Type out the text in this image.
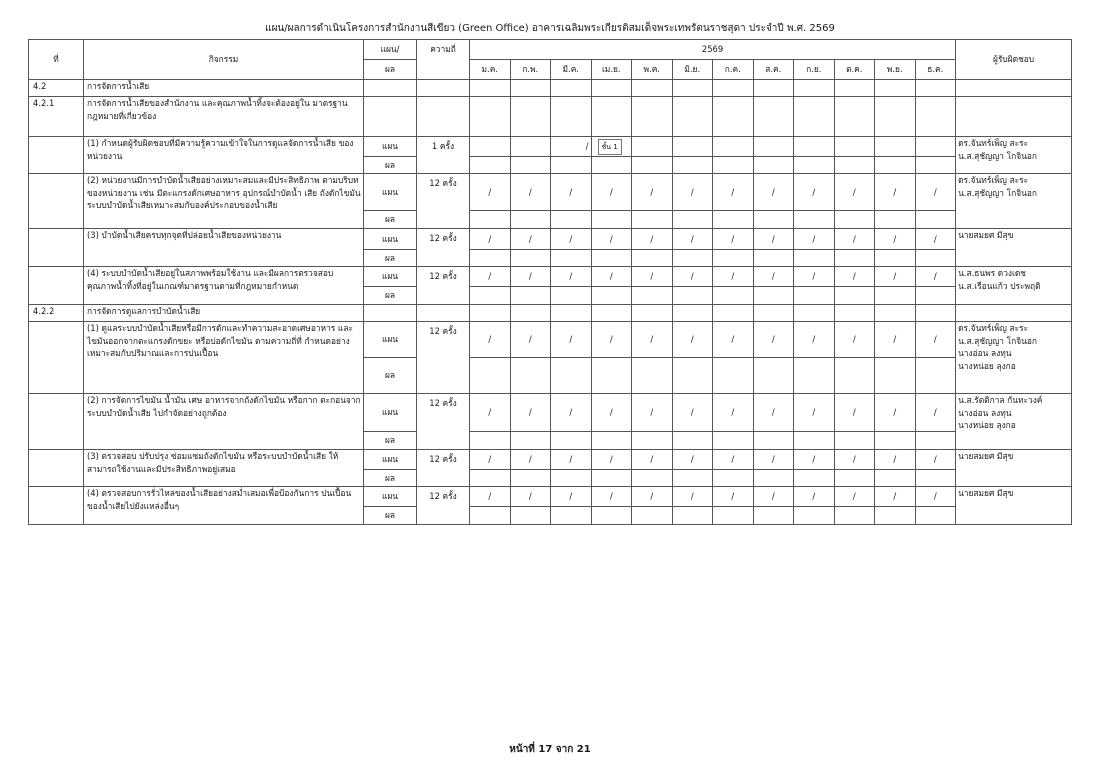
แผน/ผลการดำเนินโครงการสำนักงานสีเขียว (Green Office) อาคารเฉลิมพระเกียรติสมเด็จพระเทพรัตนราชสุดา ประจำปี พ.ศ. 2569
ที่	กิจกรรม	แผน/	ความถี่	2569												ผู้รับผิดชอบ
		ผล		ม.ค.	ก.พ.	มี.ค.	เม.ย.	พ.ค.	มิ.ย.	ก.ค.	ส.ค.	ก.ย.	ต.ค.	พ.ย.	ธ.ค.	
4.2	การจัดการน้ำเสีย															
4.2.1	การจัดการน้ำเสียของสำนักงาน และคุณภาพน้ำทิ้งจะต้องอยู่ใน มาตรฐานกฎหมายที่เกี่ยวข้อง															
	(1) กำหนดผู้รับผิดชอบที่มีความรู้ความเข้าใจในการดูแลจัดการน้ำเสีย ของหน่วยงาน	แผน	1 ครั้ง			/	ชั้น 1									ดร.จันทร์เพ็ญ สะระ
น.ส.สุชัญญา โกจินอก
		ผล														
	(2) หน่วยงานมีการบำบัดน้ำเสียอย่างเหมาะสมและมีประสิทธิภาพ ตามบริบทของหน่วยงาน เช่น มีตะแกรงดักเศษอาหาร อุปกรณ์บำบัดน้ำ เสีย ถังดักไขมัน ระบบบำบัดน้ำเสียเหมาะสมกับองค์ประกอบของน้ำเสีย	แผน	12 ครั้ง	/	/	/	/	/	/	/	/	/	/	/	/	ดร.จันทร์เพ็ญ สะระ
น.ส.สุชัญญา โกจินอก
		ผล														
	(3) บำบัดน้ำเสียครบทุกจุดที่ปล่อยน้ำเสียของหน่วยงาน	แผน	12 ครั้ง	/	/	/	/	/	/	/	/	/	/	/	/	นายสมยศ มีสุข
		ผล														
	(4) ระบบบำบัดน้ำเสียอยู่ในสภาพพร้อมใช้งาน และมีผลการตรวจสอบ คุณภาพน้ำทิ้งที่อยู่ในเกณฑ์มาตรฐานตามที่กฎหมายกำหนด	แผน	12 ครั้ง	/	/	/	/	/	/	/	/	/	/	/	/	น.ส.ธนพร ดวงเดช
น.ส.เรือนแก้ว ประพฤติ
		ผล														
4.2.2	การจัดการดูแลการบำบัดน้ำเสีย															
	(1) ดูแลระบบบำบัดน้ำเสียหรือมีการดักและทำความสะอาดเศษอาหาร และไขมันออกจากตะแกรงดักขยะ หรือบ่อดักไขมัน ตามความถี่ที่ กำหนดอย่างเหมาะสมกับปริมาณและการปนเปื้อน	แผน	12 ครั้ง	/	/	/	/	/	/	/	/	/	/	/	/	ดร.จันทร์เพ็ญ สะระ
น.ส.สุชัญญา โกจินอก
นางอ่อน ลงทุน
นางหน่อย ลุงกอ
		ผล														
	(2) การจัดการไขมัน น้ำมัน เศษ อาหารจากถังดักไขมัน หรือกาก ตะกอนจากระบบบำบัดน้ำเสีย ไปกำจัดอย่างถูกต้อง	แผน	12 ครั้ง	/	/	/	/	/	/	/	/	/	/	/	/	น.ส.รัตติกาล กันทะวงค์
นางอ่อน ลงทุน
นางหน่อย ลุงกอ
		ผล														
	(3) ตรวจสอบ ปรับปรุง ซ่อมแซมถังดักไขมัน หรือระบบบำบัดน้ำเสีย ให้สามารถใช้งานและมีประสิทธิภาพอยู่เสมอ	แผน	12 ครั้ง	/	/	/	/	/	/	/	/	/	/	/	/	นายสมยศ มีสุข
		ผล														
	(4) ตรวจสอบการรั่วไหลของน้ำเสียอย่างสม่ำเสมอเพื่อป้องกันการ ปนเปื้อนของน้ำเสียไปยังแหล่งอื่นๆ	แผน	12 ครั้ง	/	/	/	/	/	/	/	/	/	/	/	/	นายสมยศ มีสุข
		ผล														
หน้าที่ 17 จาก 21
